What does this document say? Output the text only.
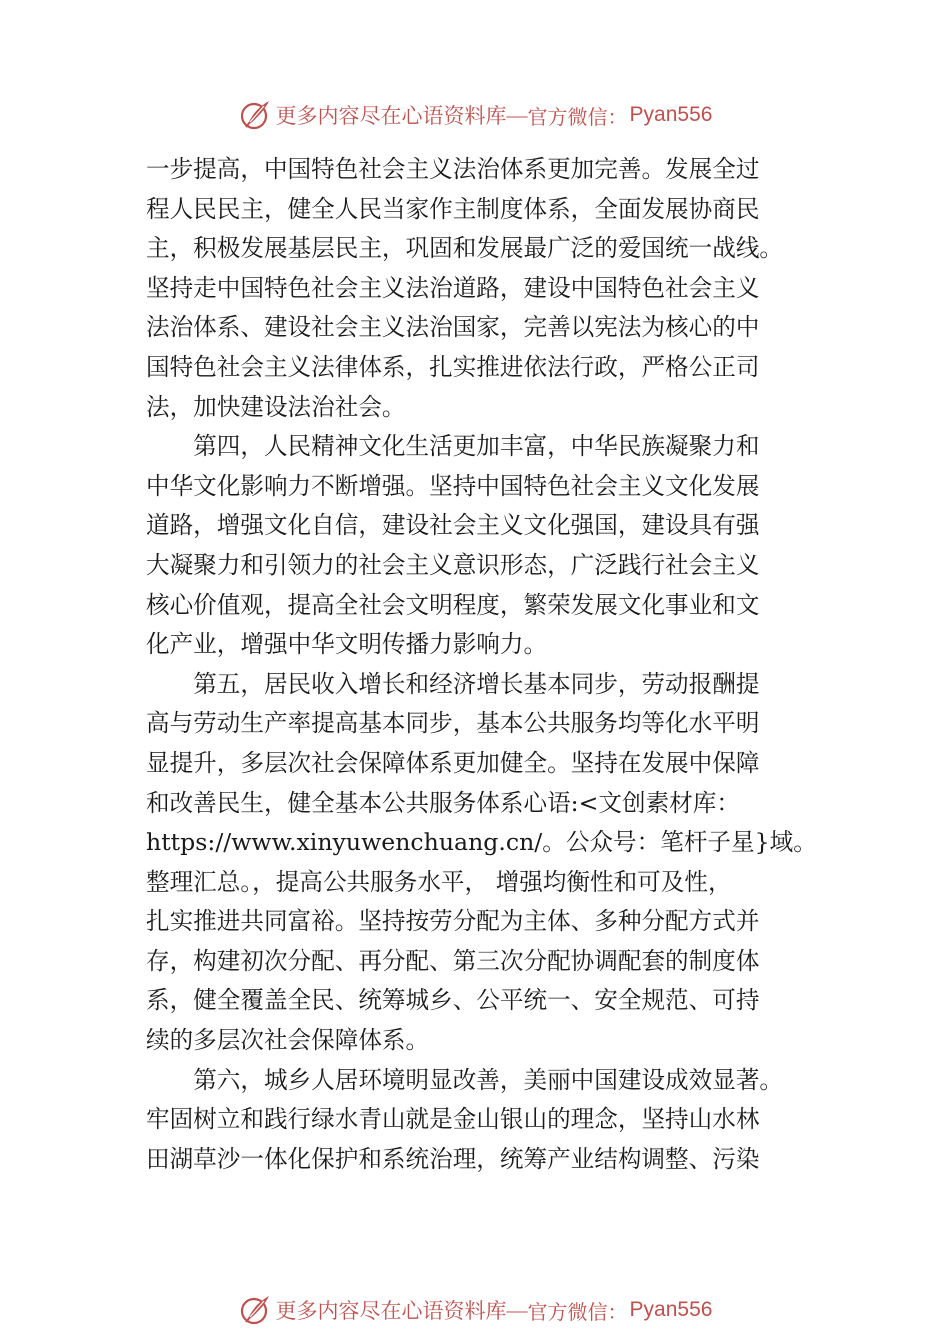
更多内容尽在心语资料库 — 官方微信： Pyan556

一步提高，中国特色社会主义法治体系更加完善。发展全过
程人民民主，健全人民当家作主制度体系，全面发展协商民
主，积极发展基层民主，巩固和发展最广泛的爱国统一战线。
坚持走中国特色社会主义法治道路，建设中国特色社会主义
法治体系、建设社会主义法治国家，完善以宪法为核心的中
国特色社会主义法律体系，扎实推进依法行政，严格公正司
法，加快建设法治社会。

第四，人民精神文化生活更加丰富，中华民族凝聚力和
中华文化影响力不断增强。坚持中国特色社会主义文化发展
道路，增强文化自信，建设社会主义文化强国，建设具有强
大凝聚力和引领力的社会主义意识形态，广泛践行社会主义
核心价值观，提高全社会文明程度，繁荣发展文化事业和文
化产业，增强中华文明传播力影响力。

第五，居民收入增长和经济增长基本同步，劳动报酬提
高与劳动生产率提高基本同步，基本公共服务均等化水平明
显提升，多层次社会保障体系更加健全。坚持在发展中保障
和改善民生，健全基本公共服务体系心语:<文创素材库：
https://www.xinyuwenchuang.cn/。公众号：笔杆子星}域。
整理汇总。，提高公共服务水平， 增强均衡性和可及性，
扎实推进共同富裕。坚持按劳分配为主体、多种分配方式并
存，构建初次分配、再分配、第三次分配协调配套的制度体
系，健全覆盖全民、统筹城乡、公平统一、安全规范、可持
续的多层次社会保障体系。

第六，城乡人居环境明显改善，美丽中国建设成效显著。
牢固树立和践行绿水青山就是金山银山的理念，坚持山水林
田湖草沙一体化保护和系统治理，统筹产业结构调整、污染

更多内容尽在心语资料库 — 官方微信： Pyan556
